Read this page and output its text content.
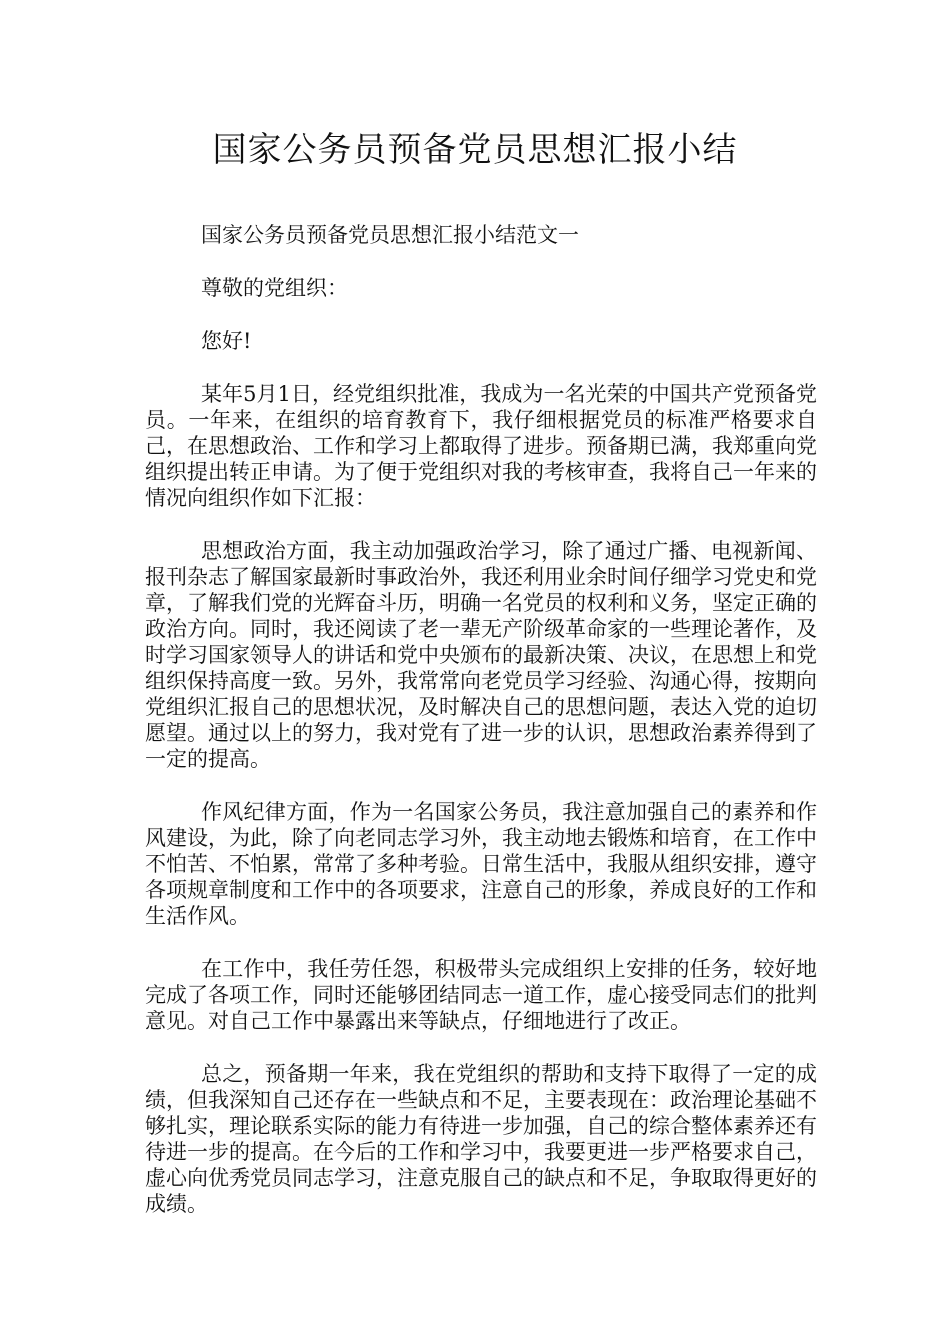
国家公务员预备党员思想汇报小结

国家公务员预备党员思想汇报小结范文一

尊敬的党组织：

您好!

某年5月1日，经党组织批准，我成为一名光荣的中国共产党预备党员。一年来，在组织的培育教育下，我仔细根据党员的标准严格要求自己，在思想政治、工作和学习上都取得了进步。预备期已满，我郑重向党组织提出转正申请。为了便于党组织对我的考核审查，我将自己一年来的情况向组织作如下汇报：

思想政治方面，我主动加强政治学习，除了通过广播、电视新闻、报刊杂志了解国家最新时事政治外，我还利用业余时间仔细学习党史和党章，了解我们党的光辉奋斗历，明确一名党员的权利和义务，坚定正确的政治方向。同时，我还阅读了老一辈无产阶级革命家的一些理论著作，及时学习国家领导人的讲话和党中央颁布的最新决策、决议，在思想上和党组织保持高度一致。另外，我常常向老党员学习经验、沟通心得，按期向党组织汇报自己的思想状况，及时解决自己的思想问题，表达入党的迫切愿望。通过以上的努力，我对党有了进一步的认识，思想政治素养得到了一定的提高。

作风纪律方面，作为一名国家公务员，我注意加强自己的素养和作风建设，为此，除了向老同志学习外，我主动地去锻炼和培育，在工作中不怕苦、不怕累，常常了多种考验。日常生活中，我服从组织安排，遵守各项规章制度和工作中的各项要求，注意自己的形象，养成良好的工作和生活作风。

在工作中，我任劳任怨，积极带头完成组织上安排的任务，较好地完成了各项工作，同时还能够团结同志一道工作，虚心接受同志们的批判意见。对自己工作中暴露出来等缺点，仔细地进行了改正。

总之，预备期一年来，我在党组织的帮助和支持下取得了一定的成绩，但我深知自己还存在一些缺点和不足，主要表现在：政治理论基础不够扎实，理论联系实际的能力有待进一步加强，自己的综合整体素养还有待进一步的提高。在今后的工作和学习中，我要更进一步严格要求自己，虚心向优秀党员同志学习，注意克服自己的缺点和不足，争取取得更好的成绩。
